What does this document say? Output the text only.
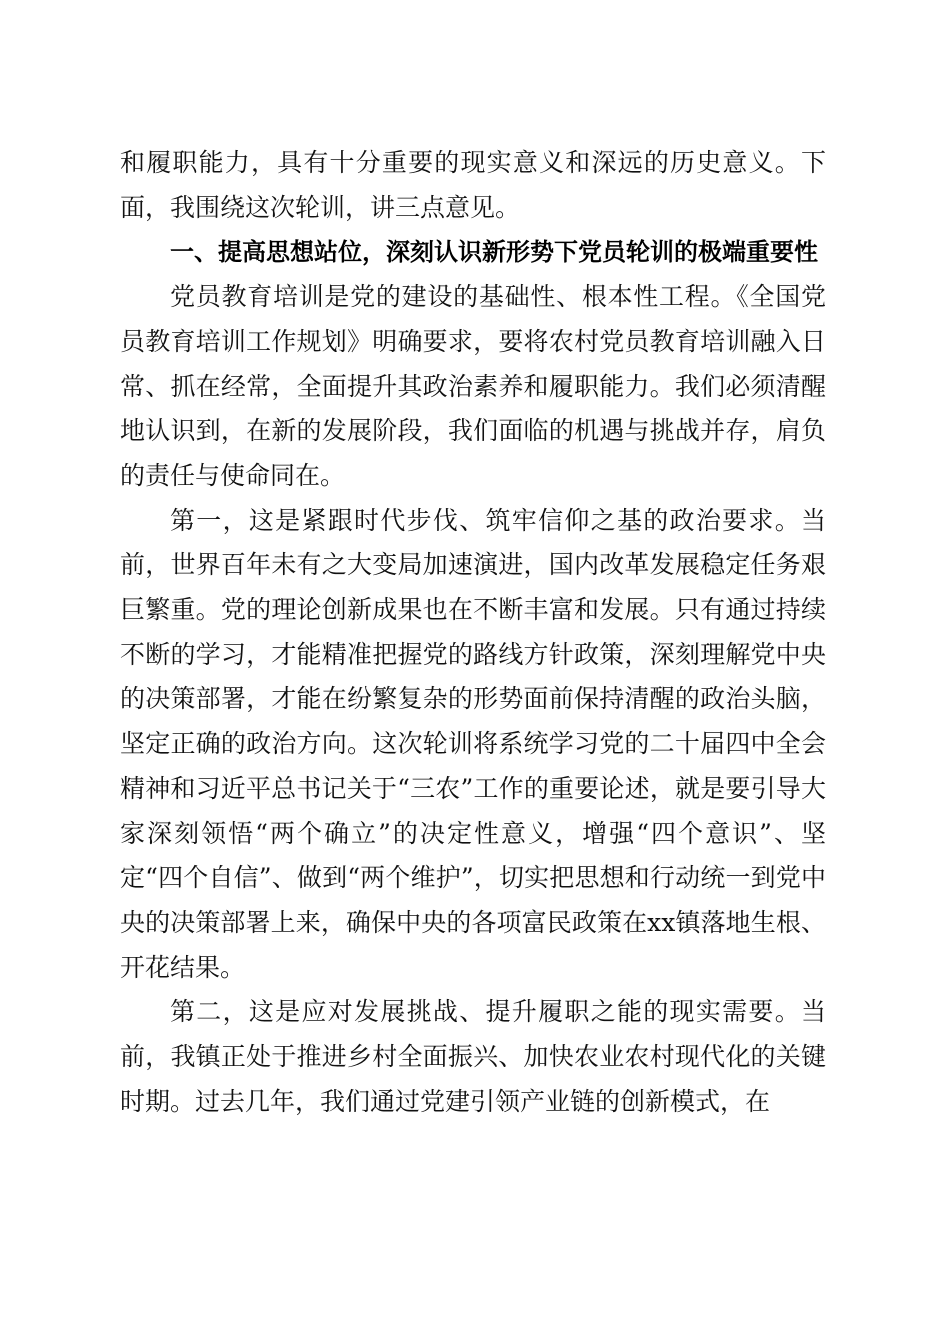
和履职能力，具有十分重要的现实意义和深远的历史意义。下面，我围绕这次轮训，讲三点意见。

一、提高思想站位，深刻认识新形势下党员轮训的极端重要性

党员教育培训是党的建设的基础性、根本性工程。《全国党员教育培训工作规划》明确要求，要将农村党员教育培训融入日常、抓在经常，全面提升其政治素养和履职能力。我们必须清醒地认识到，在新的发展阶段，我们面临的机遇与挑战并存，肩负的责任与使命同在。

第一，这是紧跟时代步伐、筑牢信仰之基的政治要求。当前，世界百年未有之大变局加速演进，国内改革发展稳定任务艰巨繁重。党的理论创新成果也在不断丰富和发展。只有通过持续不断的学习，才能精准把握党的路线方针政策，深刻理解党中央的决策部署，才能在纷繁复杂的形势面前保持清醒的政治头脑，坚定正确的政治方向。这次轮训将系统学习党的二十届四中全会精神和习近平总书记关于“三农”工作的重要论述，就是要引导大家深刻领悟“两个确立”的决定性意义，增强“四个意识”、坚定“四个自信”、做到“两个维护”，切实把思想和行动统一到党中央的决策部署上来，确保中央的各项富民政策在xx镇落地生根、开花结果。

第二，这是应对发展挑战、提升履职之能的现实需要。当前，我镇正处于推进乡村全面振兴、加快农业农村现代化的关键时期。过去几年，我们通过党建引领产业链的创新模式，在
